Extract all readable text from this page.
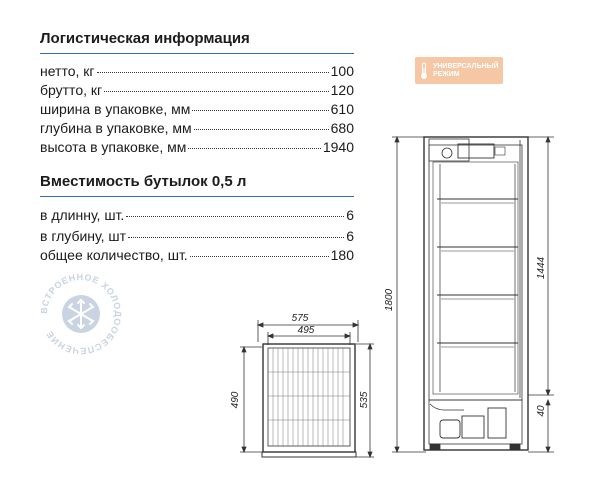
Логистическая информация
нетто, кг	100
брутто, кг	120
ширина в упаковке, мм	610
глубина в упаковке, мм	680
высота в упаковке, мм	1940
Вместимость бутылок 0,5 л
в длинну, шт.	6
в глубину, шт	6
общее количество, шт.	180
УНИВЕРСАЛЬНЫЙ
РЕЖИМ
ВСТРОЕННОЕ ХОЛОДООБЕСПЕЧЕНИЕ
575
495
490	535
1800
1444
40
